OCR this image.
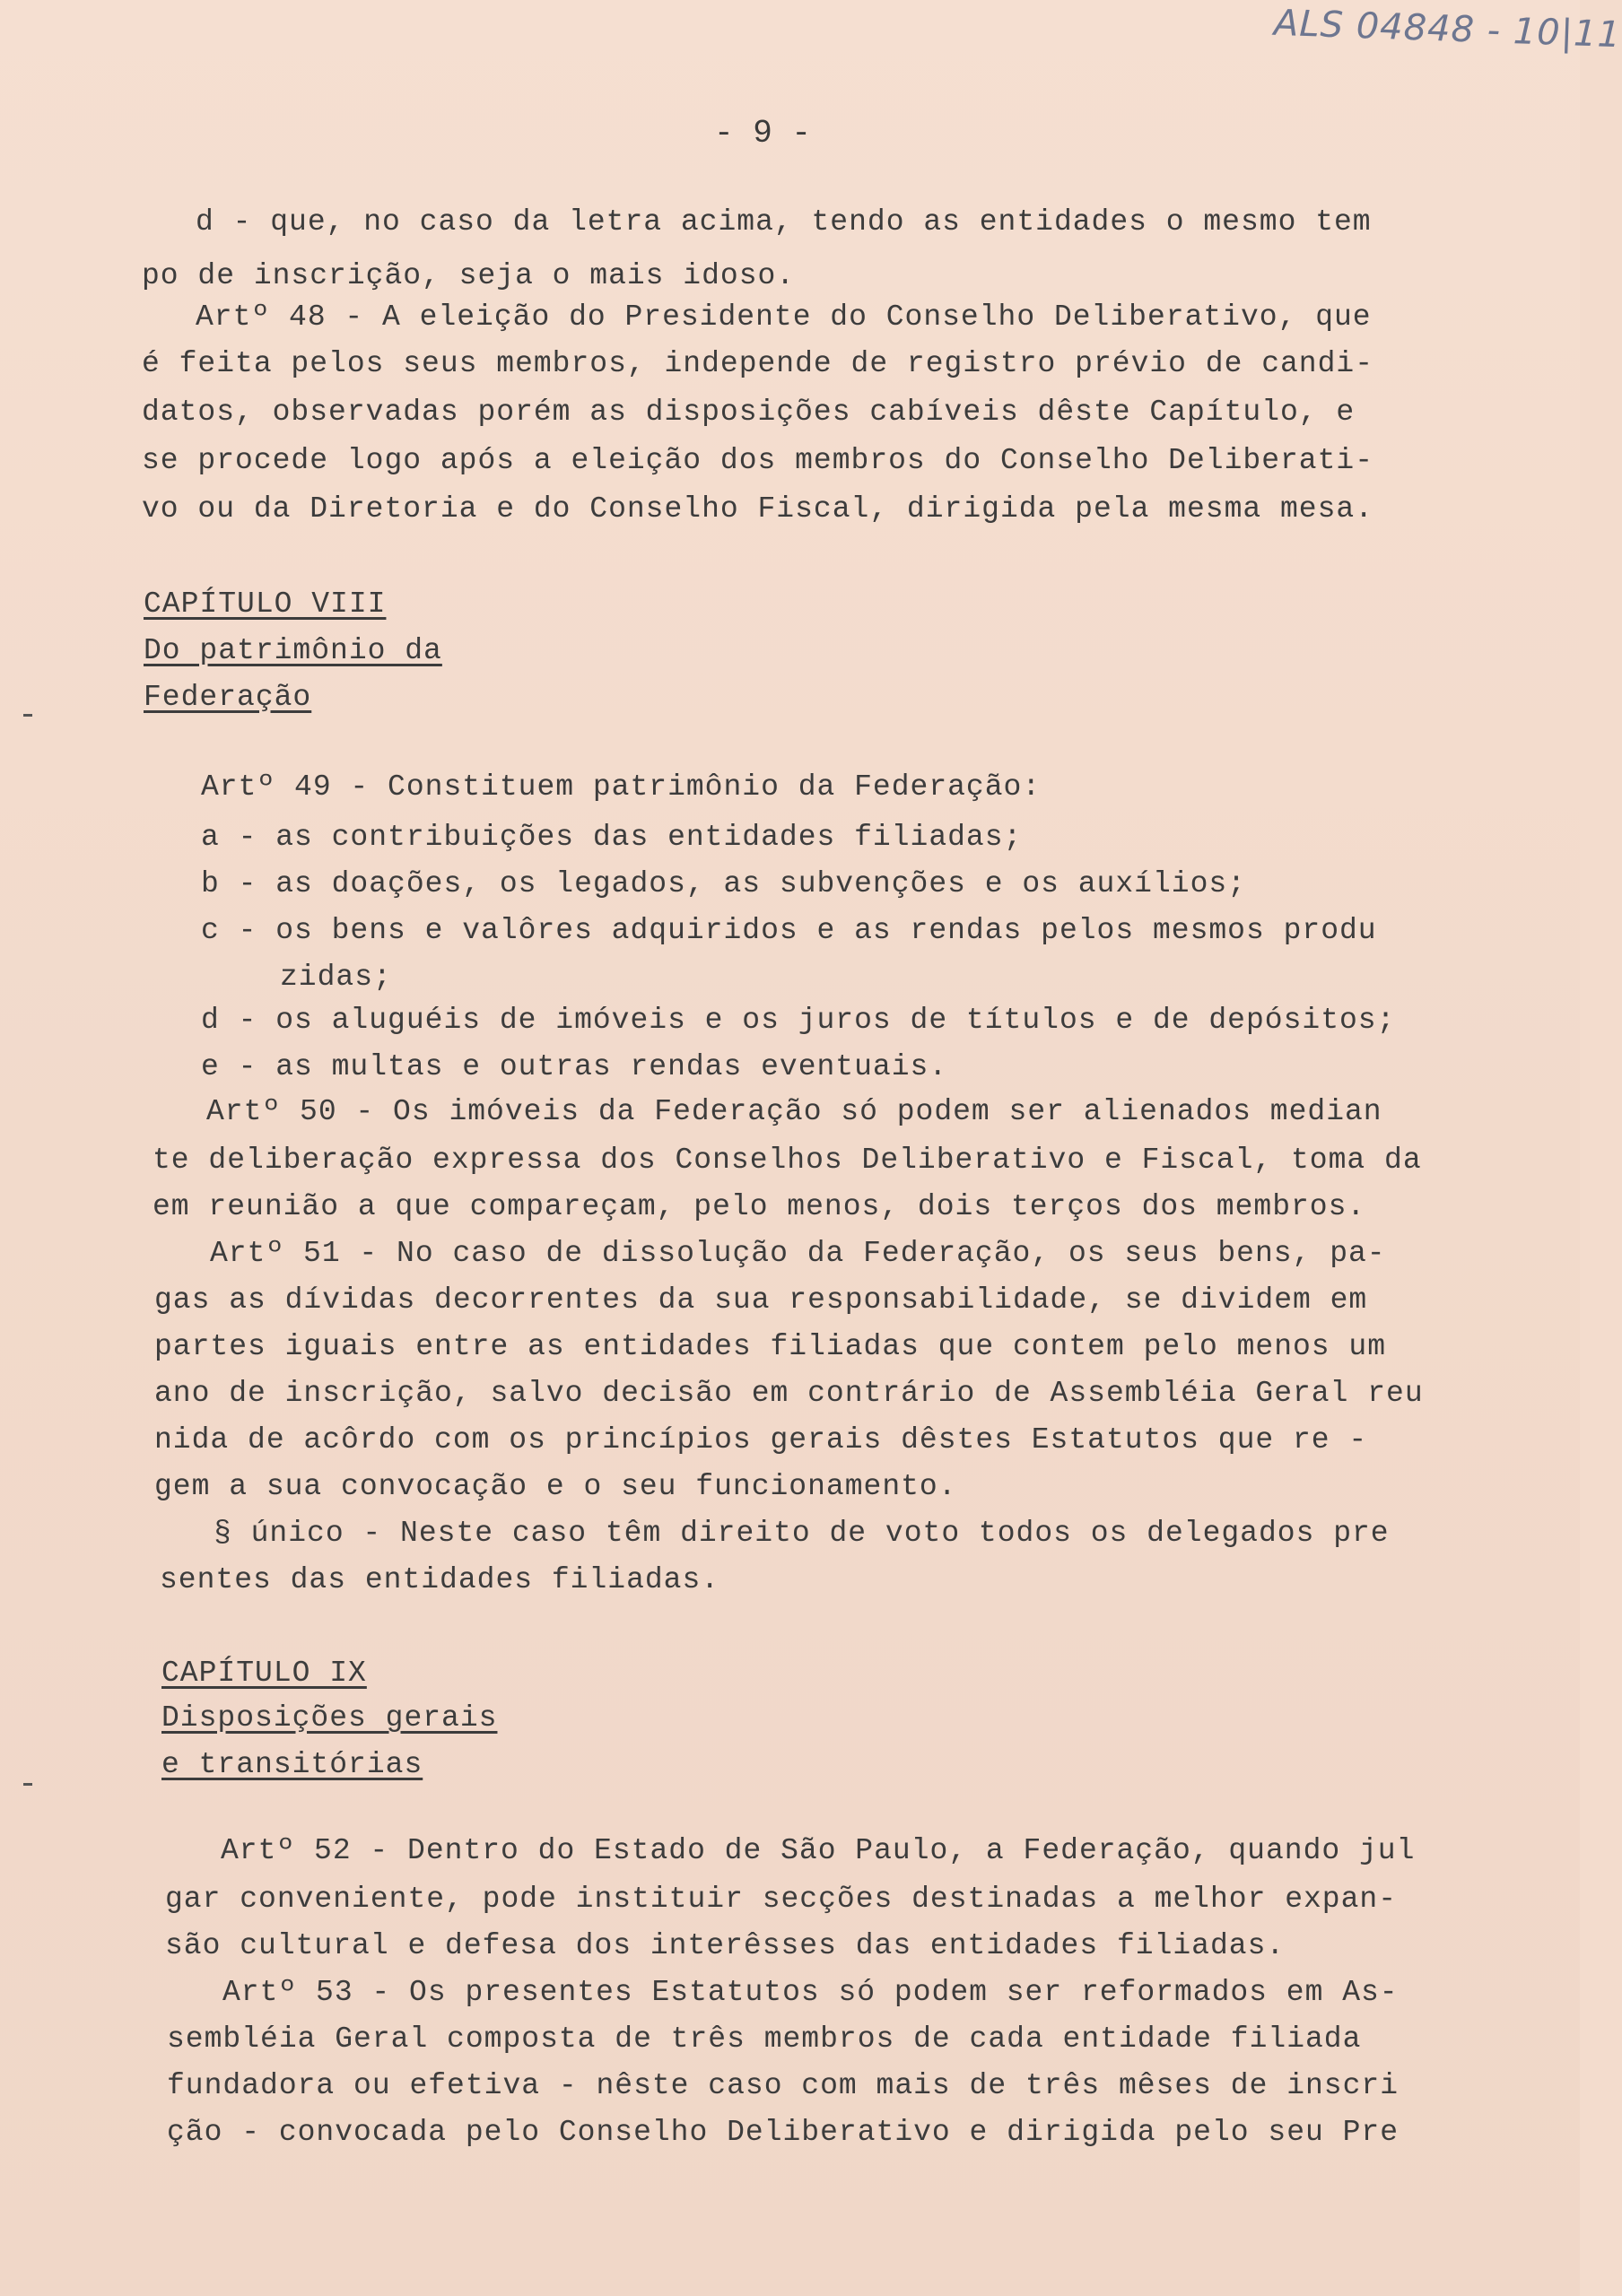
ALS 04848 - 10|11
- 9 -
d - que, no caso da letra acima, tendo as entidades o mesmo tem
po de inscrição, seja o mais idoso.
Artº 48 - A eleição do Presidente do Conselho Deliberativo, que
é feita pelos seus membros, independe de registro prévio de candi-
datos, observadas porém as disposições cabíveis dêste Capítulo, e
se procede logo após a eleição dos membros do Conselho Deliberati-
vo ou da Diretoria e do Conselho Fiscal, dirigida pela mesma mesa.
CAPÍTULO VIII
Do patrimônio da
Federação
Artº 49 - Constituem patrimônio da Federação:
a - as contribuições das entidades filiadas;
b - as doações, os legados, as subvenções e os auxílios;
c - os bens e valôres adquiridos e as rendas pelos mesmos produ
zidas;
d - os aluguéis de imóveis e os juros de títulos e de depósitos;
e - as multas e outras rendas eventuais.
Artº 50 - Os imóveis da Federação só podem ser alienados median
te deliberação expressa dos Conselhos Deliberativo e Fiscal, toma da
em reunião a que compareçam, pelo menos, dois terços dos membros.
Artº 51 - No caso de dissolução da Federação, os seus bens, pa-
gas as dívidas decorrentes da sua responsabilidade, se dividem em
partes iguais entre as entidades filiadas que contem pelo menos um
ano de inscrição, salvo decisão em contrário de Assembléia Geral reu
nida de acôrdo com os princípios gerais dêstes Estatutos que re -
gem a sua convocação e o seu funcionamento.
§ único - Neste caso têm direito de voto todos os delegados pre
sentes das entidades filiadas.
CAPÍTULO IX
Disposições gerais
e transitórias
Artº 52 - Dentro do Estado de São Paulo, a Federação, quando jul
gar conveniente, pode instituir secções destinadas a melhor expan-
são cultural e defesa dos interêsses das entidades filiadas.
Artº 53 - Os presentes Estatutos só podem ser reformados em As-
sembléia Geral composta de três membros de cada entidade filiada
fundadora ou efetiva - nêste caso com mais de três mêses de inscri
ção - convocada pelo Conselho Deliberativo e dirigida pelo seu Pre
